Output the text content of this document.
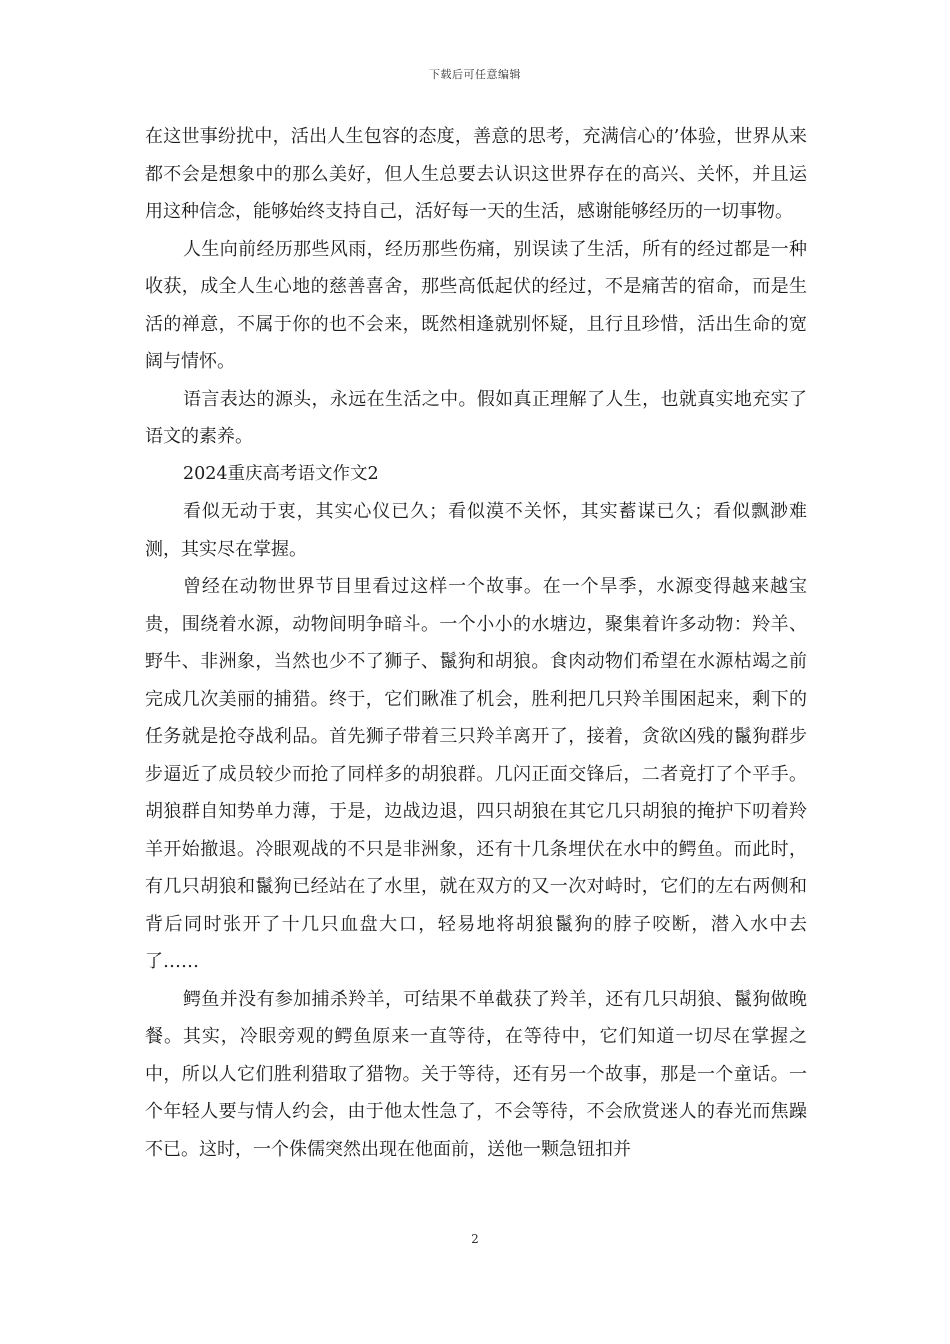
下载后可任意编辑

在这世事纷扰中，活出人生包容的态度，善意的思考，充满信心的’体验，世界从来都不会是想象中的那么美好，但人生总要去认识这世界存在的高兴、关怀，并且运用这种信念，能够始终支持自己，活好每一天的生活，感谢能够经历的一切事物。

人生向前经历那些风雨，经历那些伤痛，别误读了生活，所有的经过都是一种收获，成全人生心地的慈善喜舍，那些高低起伏的经过，不是痛苦的宿命，而是生活的禅意，不属于你的也不会来，既然相逢就别怀疑，且行且珍惜，活出生命的宽阔与情怀。

语言表达的源头，永远在生活之中。假如真正理解了人生，也就真实地充实了语文的素养。

2024重庆高考语文作文2

看似无动于衷，其实心仪已久；看似漠不关怀，其实蓄谋已久；看似飘渺难测，其实尽在掌握。

曾经在动物世界节目里看过这样一个故事。在一个旱季，水源变得越来越宝贵，围绕着水源，动物间明争暗斗。一个小小的水塘边，聚集着许多动物：羚羊、野牛、非洲象，当然也少不了狮子、鬣狗和胡狼。食肉动物们希望在水源枯竭之前完成几次美丽的捕猎。终于，它们瞅准了机会，胜利把几只羚羊围困起来，剩下的任务就是抢夺战利品。首先狮子带着三只羚羊离开了，接着，贪欲凶残的鬣狗群步步逼近了成员较少而抢了同样多的胡狼群。几闪正面交锋后，二者竟打了个平手。胡狼群自知势单力薄，于是，边战边退，四只胡狼在其它几只胡狼的掩护下叨着羚羊开始撤退。冷眼观战的不只是非洲象，还有十几条埋伏在水中的鳄鱼。而此时，有几只胡狼和鬣狗已经站在了水里，就在双方的又一次对峙时，它们的左右两侧和背后同时张开了十几只血盘大口，轻易地将胡狼鬣狗的脖子咬断，潜入水中去了……

鳄鱼并没有参加捕杀羚羊，可结果不单截获了羚羊，还有几只胡狼、鬣狗做晚餐。其实，冷眼旁观的鳄鱼原来一直等待，在等待中，它们知道一切尽在掌握之中，所以人它们胜利猎取了猎物。关于等待，还有另一个故事，那是一个童话。一个年轻人要与情人约会，由于他太性急了，不会等待，不会欣赏迷人的春光而焦躁不已。这时，一个侏儒突然出现在他面前，送他一颗急钮扣并

2
